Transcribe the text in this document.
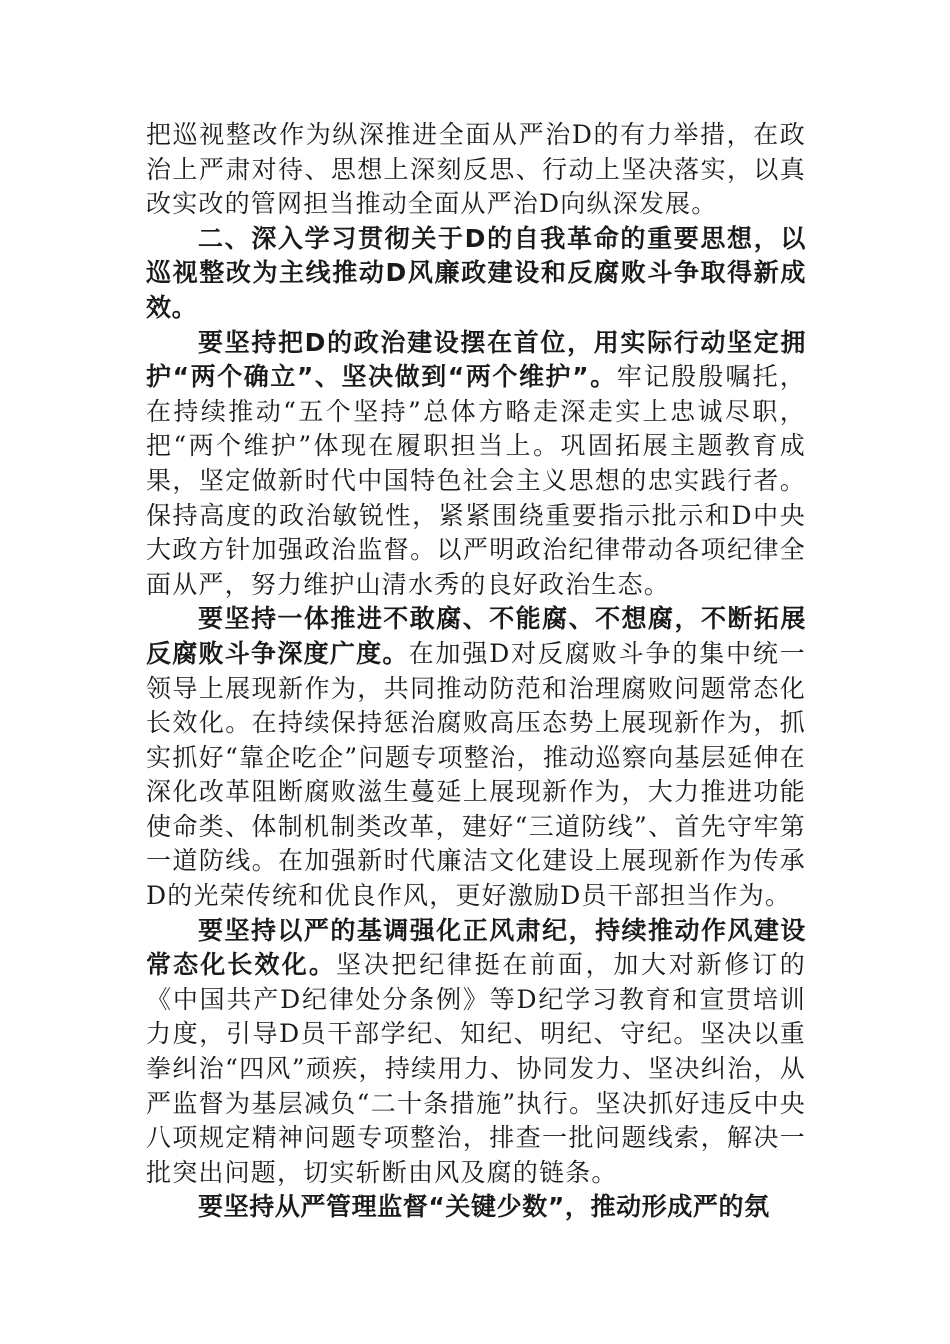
把巡视整改作为纵深推进全面从严治D的有力举措，在政治上严肃对待、思想上深刻反思、行动上坚决落实，以真改实改的管网担当推动全面从严治D向纵深发展。

二、深入学习贯彻关于D的自我革命的重要思想，以巡视整改为主线推动D风廉政建设和反腐败斗争取得新成效。

要坚持把D的政治建设摆在首位，用实际行动坚定拥护“两个确立”、坚决做到“两个维护”。牢记殷殷嘱托，在持续推动“五个坚持”总体方略走深走实上忠诚尽职，把“两个维护”体现在履职担当上。巩固拓展主题教育成果，坚定做新时代中国特色社会主义思想的忠实践行者。保持高度的政治敏锐性，紧紧围绕重要指示批示和D中央大政方针加强政治监督。以严明政治纪律带动各项纪律全面从严，努力维护山清水秀的良好政治生态。

要坚持一体推进不敢腐、不能腐、不想腐，不断拓展反腐败斗争深度广度。在加强D对反腐败斗争的集中统一领导上展现新作为，共同推动防范和治理腐败问题常态化长效化。在持续保持惩治腐败高压态势上展现新作为，抓实抓好“靠企吃企”问题专项整治，推动巡察向基层延伸在深化改革阻断腐败滋生蔓延上展现新作为，大力推进功能使命类、体制机制类改革，建好“三道防线”、首先守牢第一道防线。在加强新时代廉洁文化建设上展现新作为传承D的光荣传统和优良作风，更好激励D员干部担当作为。

要坚持以严的基调强化正风肃纪，持续推动作风建设常态化长效化。坚决把纪律挺在前面，加大对新修订的《中国共产D纪律处分条例》等D纪学习教育和宣贯培训力度，引导D员干部学纪、知纪、明纪、守纪。坚决以重拳纠治“四风”顽疾，持续用力、协同发力、坚决纠治，从严监督为基层减负“二十条措施”执行。坚决抓好违反中央八项规定精神问题专项整治，排查一批问题线索，解决一批突出问题，切实斩断由风及腐的链条。

要坚持从严管理监督“关键少数”，推动形成严的氛
